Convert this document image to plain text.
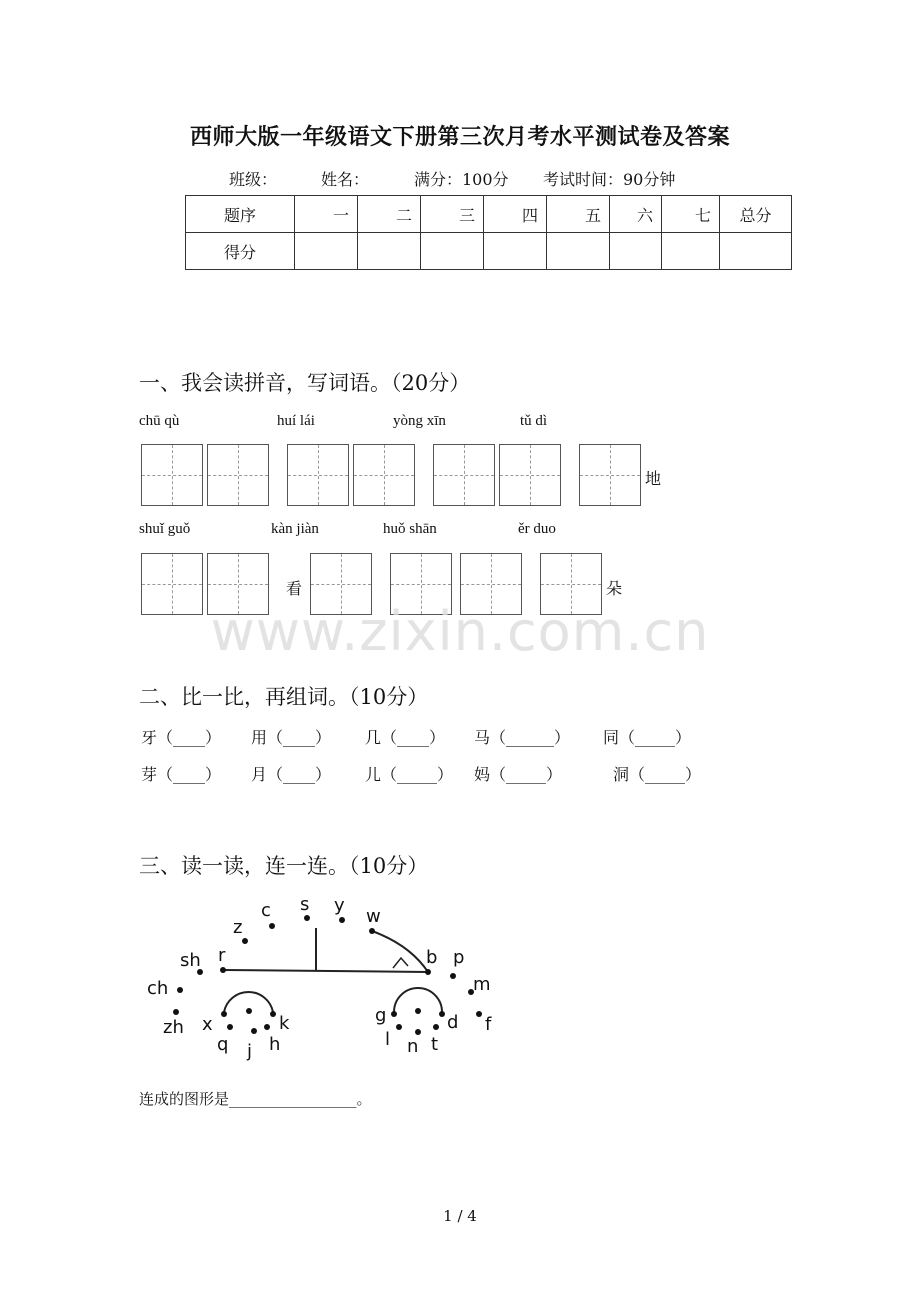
西师大版一年级语文下册第三次月考水平测试卷及答案
班级：	姓名：	满分：100分 考试时间：90分钟
题序	一	二	三	四	五	六	七	总分
得分								
一、我会读拼音，写词语。（20分）
chū qù	huí lái	yòng xīn	tǔ dì
地
shuǐ guǒ	kàn jiàn	huǒ shān	ěr duo
看	朵
www.zixin.com.cn
二、比一比，再组词。（10分）
牙（____） 用（____） 几（____） 马（______） 同（_____）
芽（____） 月（____） 儿（_____） 妈（_____）	洞（_____）
三、读一读，连一连。（10分）
z
c s y
w
r	b p
sh
m
ch
zh x	k
q j h
g	d f
l n t
连成的图形是_________________。
1 / 4
